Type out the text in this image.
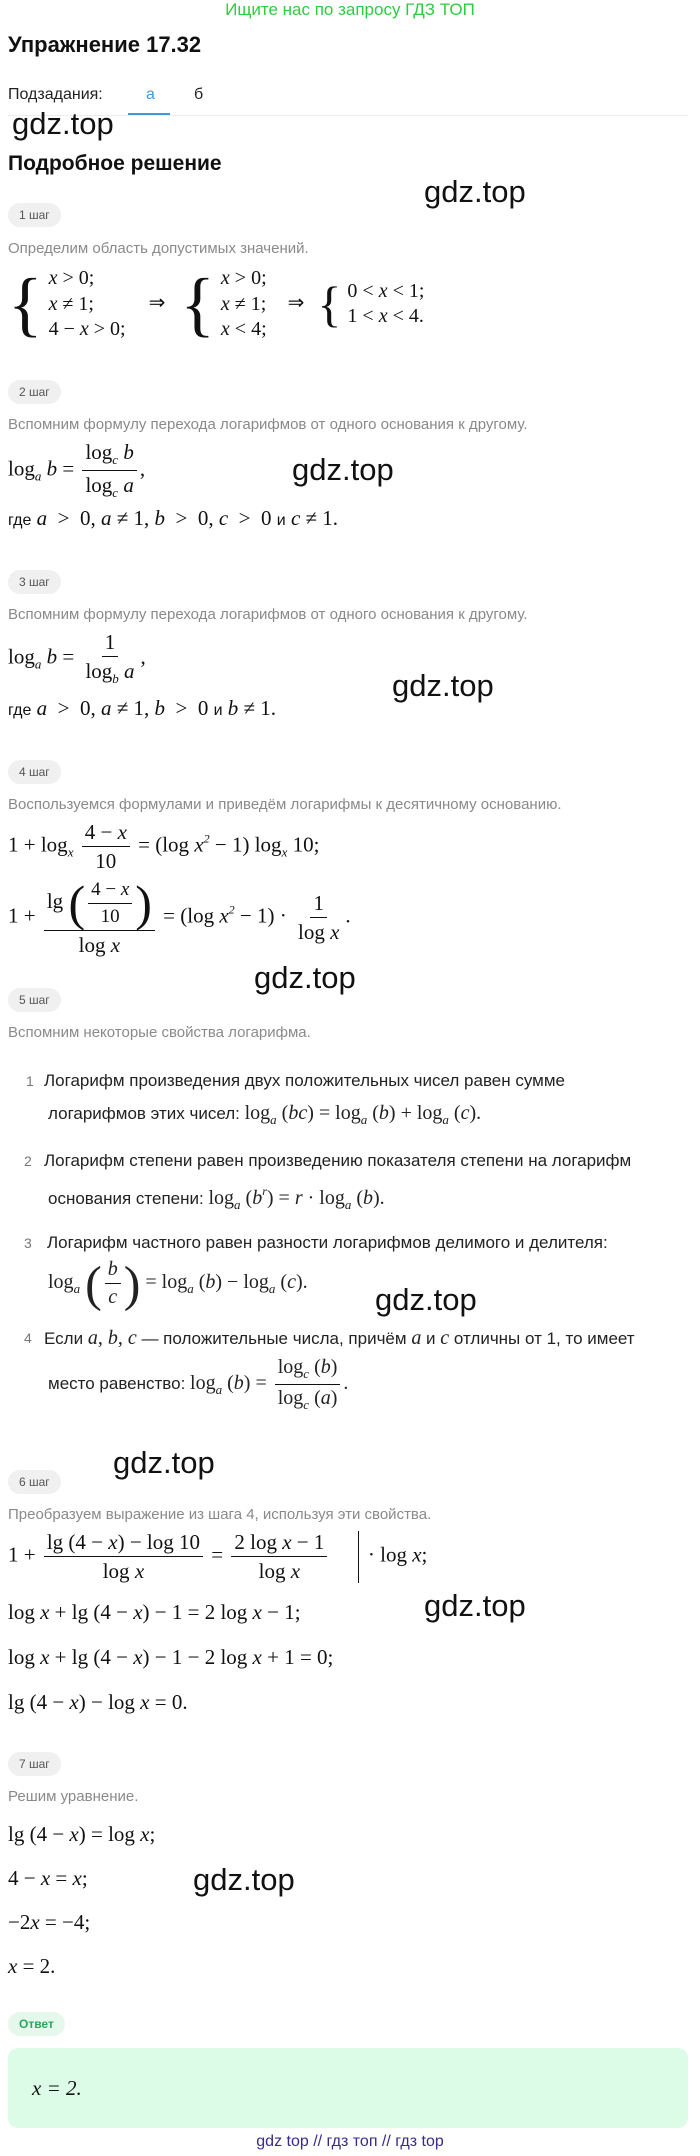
Ищите нас по запросу ГДЗ ТОП
Упражнение 17.32
Подзадания:	а б
gdz.top
gdz.top
gdz.top
gdz.top
gdz.top
gdz.top
gdz.top
gdz.top
gdz.top
Подробное решение
1 шаг
Определим область допустимых значений.
{ x > 0;
x ≠ 1;
4 − x > 0;
⇒ { x > 0;
x ≠ 1;
x < 4;
⇒ { 0 < x < 1;
1 < x < 4.
2 шаг
Вспомним формулу перехода логарифмов от одного основания к другому.
$\log_a b = \frac{\log_c b}{\log_c a}$ ,
где a  >  0, a ≠ 1, b  >  0, c  >  0 и c ≠ 1.
3 шаг
Вспомним формулу перехода логарифмов от одного основания к другому.
$\log_a b = \frac{1}{\log_b a}$ ,
где a  >  0, a ≠ 1, b  >  0 и b ≠ 1.
4 шаг
Воспользуемся формулами и приведём логарифмы к десятичному основанию.
$1 + \log_x \frac{4 - x}{10} = (\log$ $x^2 - 1$) $\log_x 10$;
$1 + \frac{\lg ( \frac{4 - x}{10} )}{\text{log x}} = (\log$ $x^2 - 1) \cdot \frac{1}{\text{log x}}$ .
5 шаг
Вспомним некоторые свойства логарифма.
1 Логарифм произведения двух положительных чисел равен сумме
логарифмов этих чисел: $\log_a (bc) = \log_a (b) + \log_a (c)$.
2 Логарифм степени равен произведению показателя степени на логарифм
основания степени: $\log_a (b^r) = r \cdot \log_a (b)$.
3 Логарифм частного равен разности логарифмов делимого и делителя:
$\log_a$ ( $\frac{b}{c}$ ) = $\log_a (b) - \log_a (c)$.
4 Если a, b, c — положительные числа, причём a и c отличны от 1, то имеет
место равенство: $\log_a (b) = \frac{\log_c (b)}{\log_c (a)}$ .
6 шаг
Преобразуем выражение из шага 4, используя эти свойства.
$1 + \frac{\lg (4 - x) - \log 10}{\text{log x}} = \frac{\text{2 log x − 1}}{\text{log x}} \cdot \log x$;
log x + lg (4 − x) − 1 = 2 log x − 1;
log x + lg (4 − x) − 1 − 2 log x + 1 = 0;
lg (4 − x) − log x = 0.
7 шаг
Решим уравнение.
lg (4 − x) = log x;
4 − x = x;
−2x = −4;
x = 2.
Ответ
x = 2.
gdz top // гдз топ // гдз top
